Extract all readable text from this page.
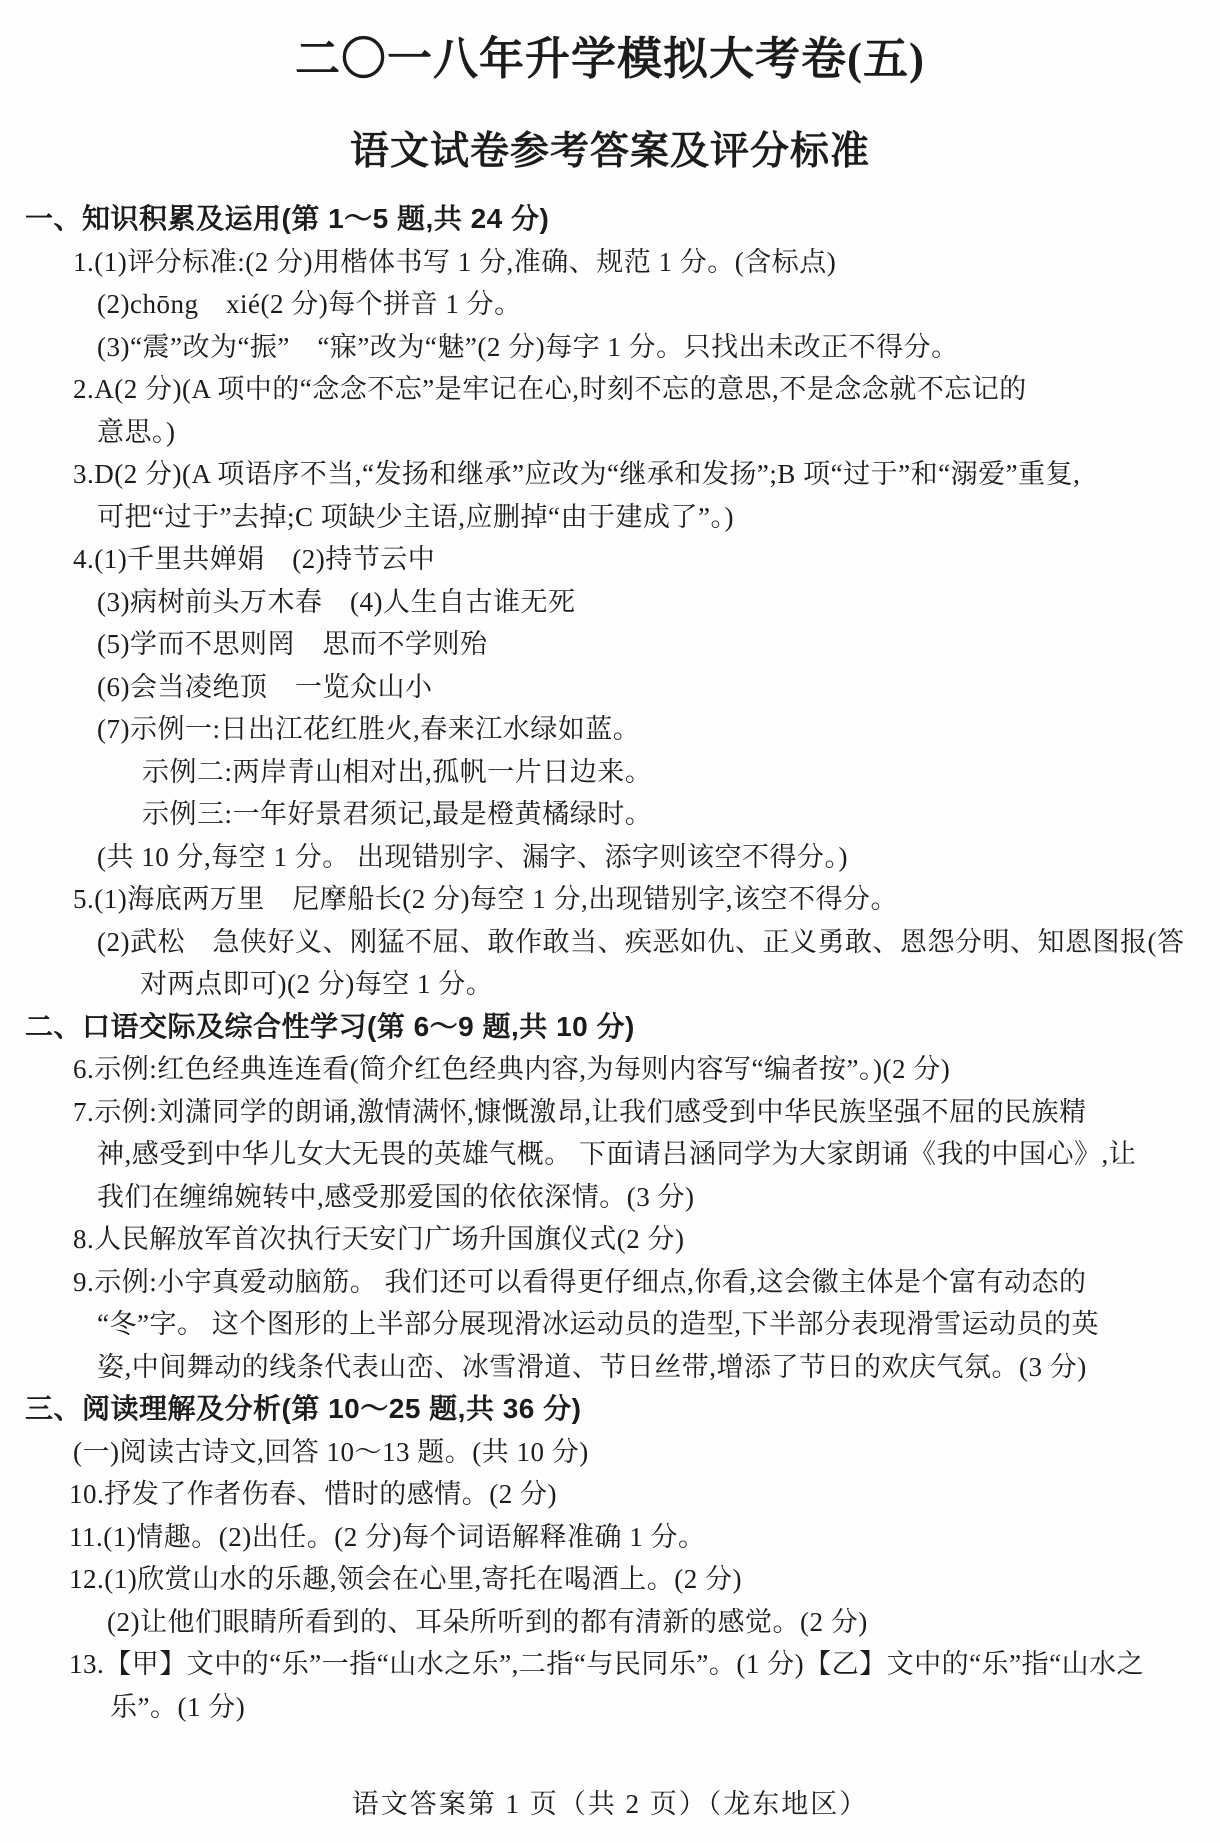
二〇一八年升学模拟大考卷(五)
语文试卷参考答案及评分标准

一、知识积累及运用(第 1～5 题,共 24 分)

1.(1)评分标准:(2 分)用楷体书写 1 分,准确、规范 1 分。(含标点)

(2)chōng　xié(2 分)每个拼音 1 分。

(3)“震”改为“振”　“寐”改为“魅”(2 分)每字 1 分。只找出未改正不得分。

2.A(2 分)(A 项中的“念念不忘”是牢记在心,时刻不忘的意思,不是念念就不忘记的

意思。)

3.D(2 分)(A 项语序不当,“发扬和继承”应改为“继承和发扬”;B 项“过于”和“溺爱”重复,

可把“过于”去掉;C 项缺少主语,应删掉“由于建成了”。)

4.(1)千里共婵娟　(2)持节云中

(3)病树前头万木春　(4)人生自古谁无死

(5)学而不思则罔　思而不学则殆

(6)会当凌绝顶　一览众山小

(7)示例一:日出江花红胜火,春来江水绿如蓝。

示例二:两岸青山相对出,孤帆一片日边来。

示例三:一年好景君须记,最是橙黄橘绿时。

(共 10 分,每空 1 分。 出现错别字、漏字、添字则该空不得分。)

5.(1)海底两万里　尼摩船长(2 分)每空 1 分,出现错别字,该空不得分。

(2)武松　急侠好义、刚猛不屈、敢作敢当、疾恶如仇、正义勇敢、恩怨分明、知恩图报(答

对两点即可)(2 分)每空 1 分。

二、口语交际及综合性学习(第 6～9 题,共 10 分)

6.示例:红色经典连连看(简介红色经典内容,为每则内容写“编者按”。)(2 分)

7.示例:刘潇同学的朗诵,激情满怀,慷慨激昂,让我们感受到中华民族坚强不屈的民族精

神,感受到中华儿女大无畏的英雄气概。 下面请吕涵同学为大家朗诵《我的中国心》,让

我们在缠绵婉转中,感受那爱国的依依深情。(3 分)

8.人民解放军首次执行天安门广场升国旗仪式(2 分)

9.示例:小宇真爱动脑筋。 我们还可以看得更仔细点,你看,这会徽主体是个富有动态的

“冬”字。 这个图形的上半部分展现滑冰运动员的造型,下半部分表现滑雪运动员的英

姿,中间舞动的线条代表山峦、冰雪滑道、节日丝带,增添了节日的欢庆气氛。(3 分)

三、阅读理解及分析(第 10～25 题,共 36 分)

(一)阅读古诗文,回答 10～13 题。(共 10 分)

10.抒发了作者伤春、惜时的感情。(2 分)

11.(1)情趣。(2)出任。(2 分)每个词语解释准确 1 分。

12.(1)欣赏山水的乐趣,领会在心里,寄托在喝酒上。(2 分)

(2)让他们眼睛所看到的、耳朵所听到的都有清新的感觉。(2 分)

13.【甲】文中的“乐”一指“山水之乐”,二指“与民同乐”。(1 分)【乙】文中的“乐”指“山水之

乐”。(1 分)

语文答案第 1 页（共 2 页）（龙东地区）
